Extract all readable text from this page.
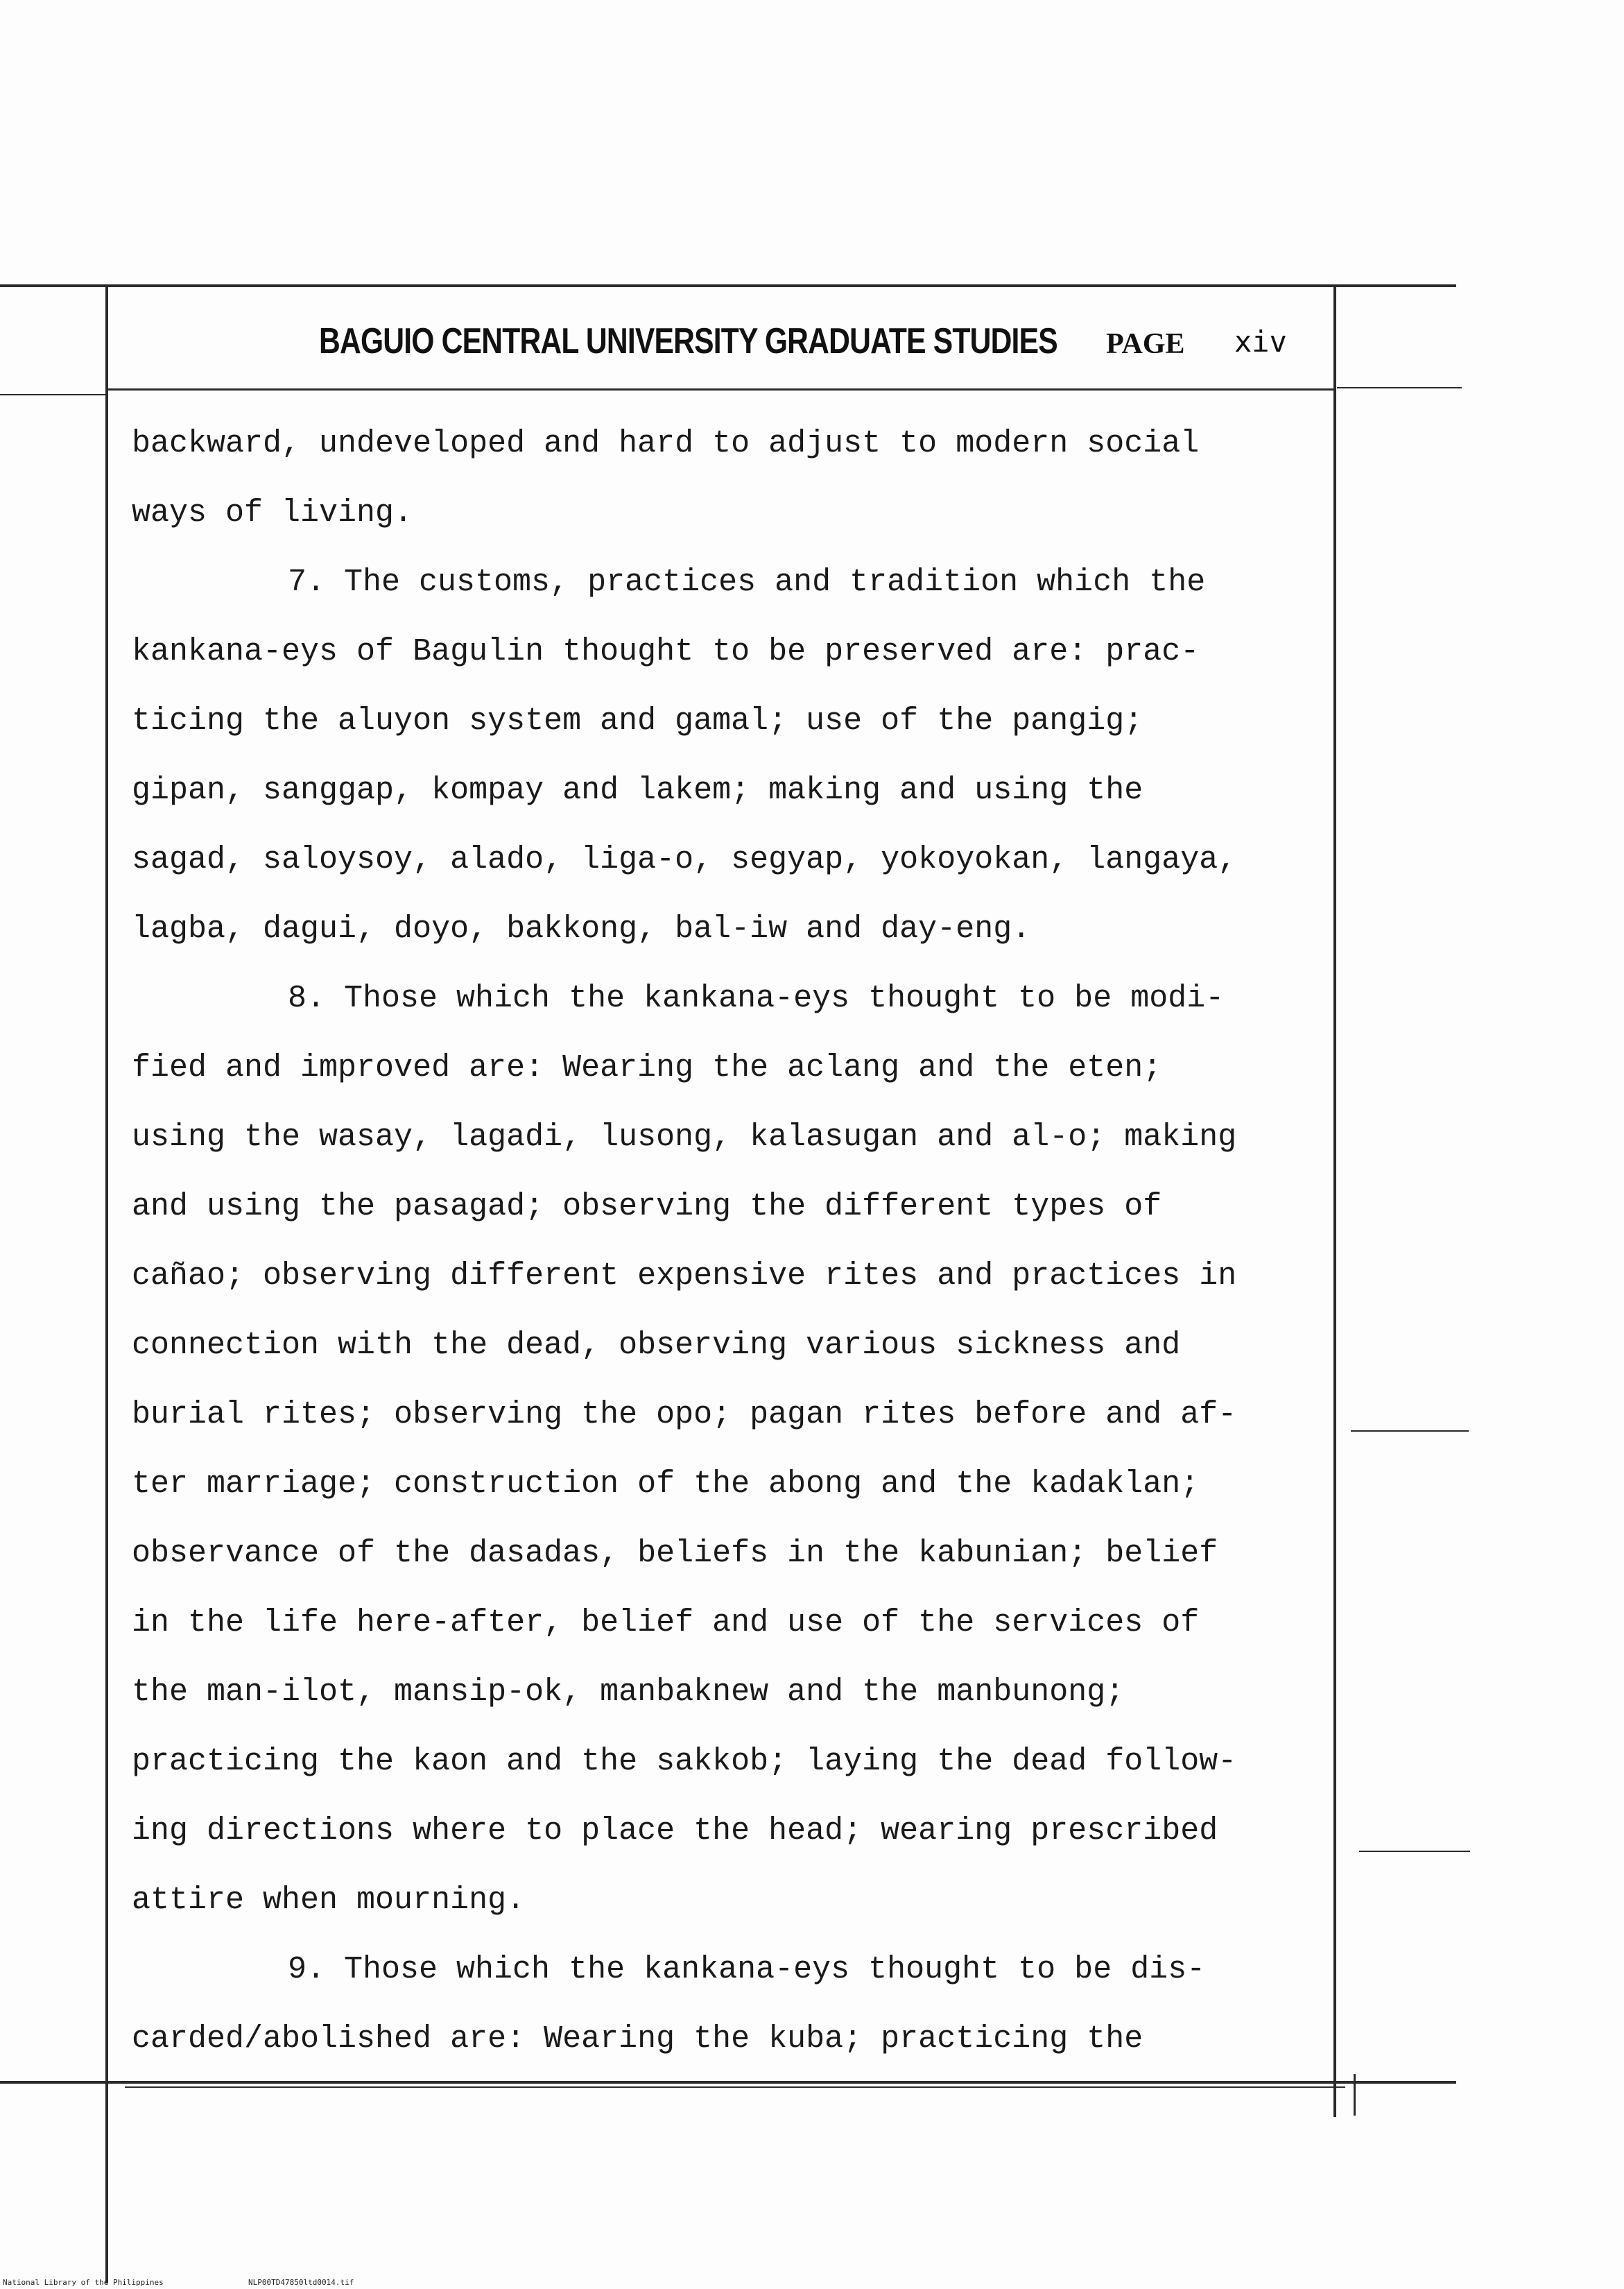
BAGUIO CENTRAL UNIVERSITY GRADUATE STUDIES PAGE xiv
backward, undeveloped and hard to adjust to modern social
ways of living.
7. The customs, practices and tradition which the
kankana-eys of Bagulin thought to be preserved are: prac-
ticing the aluyon system and gamal; use of the pangig;
gipan, sanggap, kompay and lakem; making and using the
sagad, saloysoy, alado, liga-o, segyap, yokoyokan, langaya,
lagba, dagui, doyo, bakkong, bal-iw and day-eng.
8. Those which the kankana-eys thought to be modi-
fied and improved are: Wearing the aclang and the eten;
using the wasay, lagadi, lusong, kalasugan and al-o; making
and using the pasagad; observing the different types of
cañao; observing different expensive rites and practices in
connection with the dead, observing various sickness and
burial rites; observing the opo; pagan rites before and af-
ter marriage; construction of the abong and the kadaklan;
observance of the dasadas, beliefs in the kabunian; belief
in the life here-after, belief and use of the services of
the man-ilot, mansip-ok, manbaknew and the manbunong;
practicing the kaon and the sakkob; laying the dead follow-
ing directions where to place the head; wearing prescribed
attire when mourning.
9. Those which the kankana-eys thought to be dis-
carded/abolished are: Wearing the kuba; practicing the
National Library of the Philippines	NLP00TD47850ltd0014.tif
